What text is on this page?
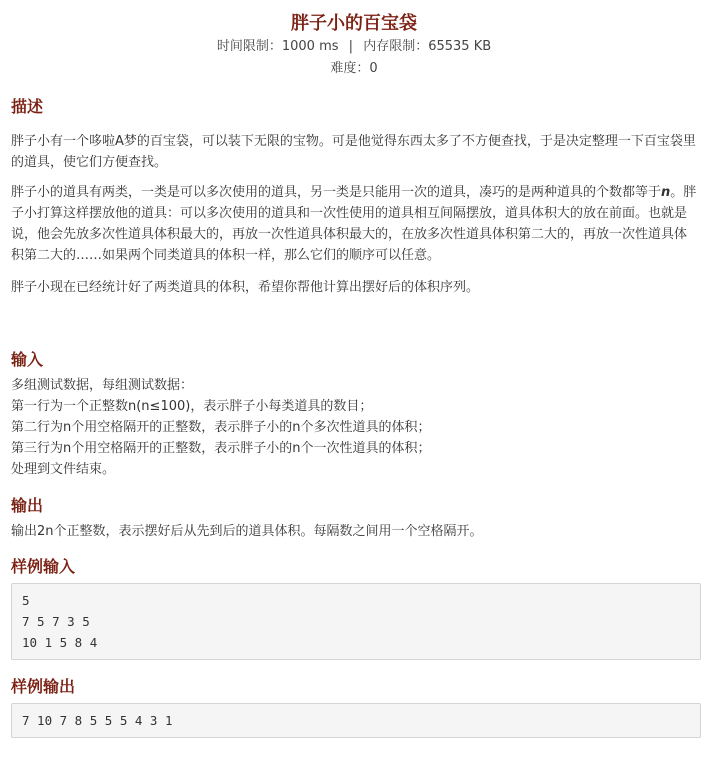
胖子小的百宝袋
时间限制：1000 ms | 内存限制：65535 KB
难度：0
描述

胖子小有一个哆啦A梦的百宝袋，可以装下无限的宝物。可是他觉得东西太多了不方便查找，于是决定整理一下百宝袋里的道具，使它们方便查找。

胖子小的道具有两类，一类是可以多次使用的道具，另一类是只能用一次的道具，凑巧的是两种道具的个数都等于n。胖子小打算这样摆放他的道具：可以多次使用的道具和一次性使用的道具相互间隔摆放，道具体积大的放在前面。也就是说，他会先放多次性道具体积最大的，再放一次性道具体积最大的，在放多次性道具体积第二大的，再放一次性道具体积第二大的……如果两个同类道具的体积一样，那么它们的顺序可以任意。

胖子小现在已经统计好了两类道具的体积，希望你帮他计算出摆好后的体积序列。

输入
多组测试数据，每组测试数据：
第一行为一个正整数n(n≤100)，表示胖子小每类道具的数目；
第二行为n个用空格隔开的正整数，表示胖子小的n个多次性道具的体积；
第三行为n个用空格隔开的正整数，表示胖子小的n个一次性道具的体积；
处理到文件结束。
输出

输出2n个正整数，表示摆好后从先到后的道具体积。每隔数之间用一个空格隔开。

样例输入
5
7 5 7 3 5
10 1 5 8 4
样例输出
7 10 7 8 5 5 5 4 3 1
